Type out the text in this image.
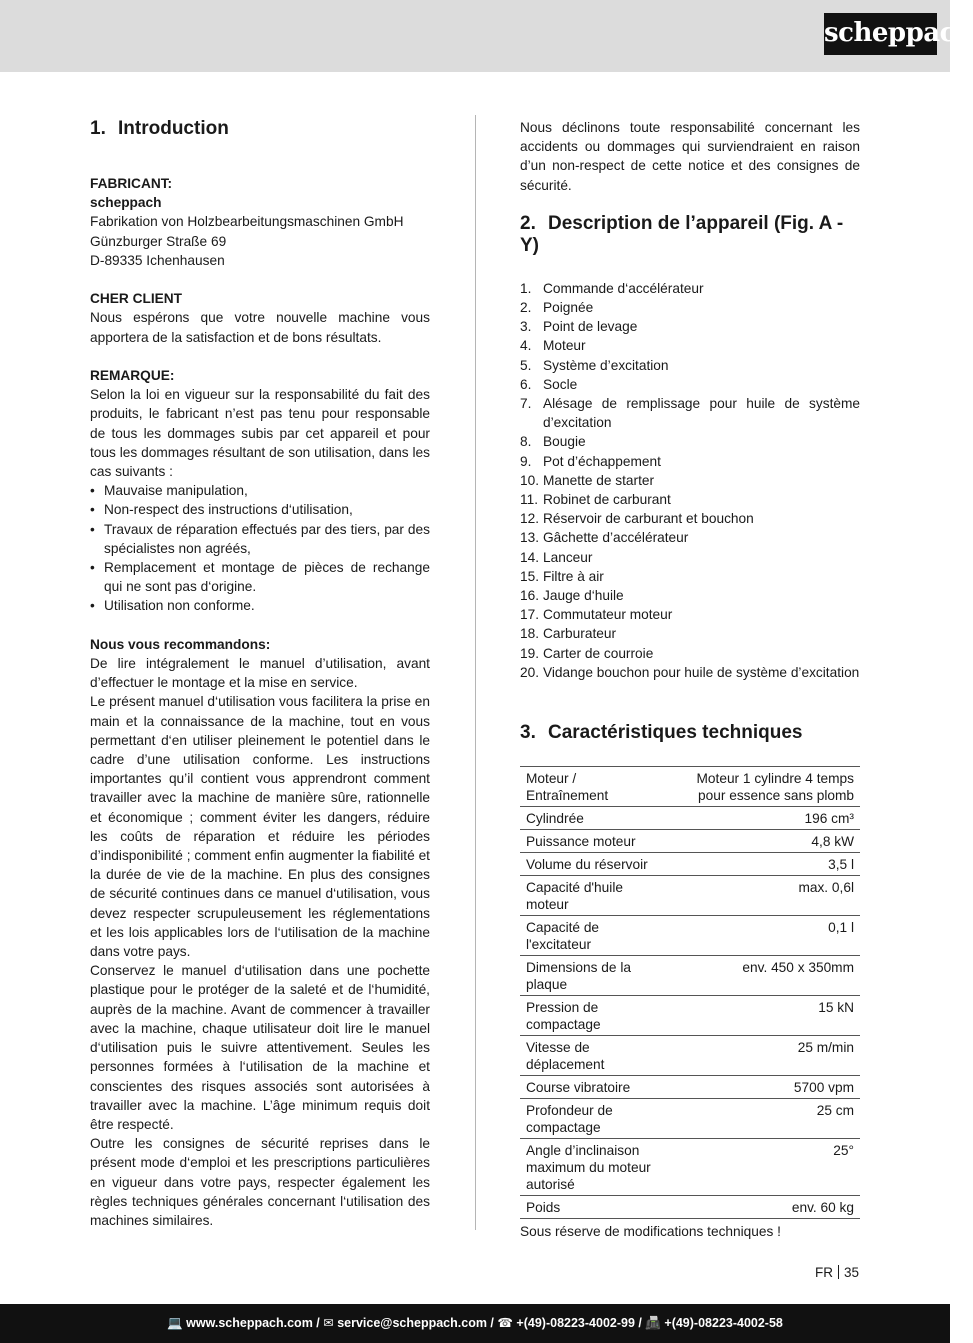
scheppach
1. Introduction

FABRICANT:

scheppach

Fabrikation von Holzbearbeitungsmaschinen GmbH

Günzburger Straße 69

D-89335 Ichenhausen

CHER CLIENT

Nous espérons que votre nouvelle machine vous apportera de la satisfaction et de bons résultats.

REMARQUE:

Selon la loi en vigueur sur la responsabilité du fait des produits, le fabricant n’est pas tenu pour responsable de tous les dommages subis par cet appareil et pour tous les dommages résultant de son utilisation, dans les cas suivants :

• Mauvaise manipulation,
• Non-respect des instructions d‘utilisation,
• Travaux de réparation effectués par des tiers, par des spécialistes non agréés,
• Remplacement et montage de pièces de rechange qui ne sont pas d‘origine.
• Utilisation non conforme.

Nous vous recommandons:

De lire intégralement le manuel d’utilisation, avant d’effectuer le montage et la mise en service.

Le présent manuel d‘utilisation vous facilitera la prise en main et la connaissance de la machine, tout en vous permettant d‘en utiliser pleinement le potentiel dans le cadre d’une utilisation conforme. Les instructions importantes qu’il contient vous apprendront comment travailler avec la machine de manière sûre, rationnelle et économique ; comment éviter les dangers, réduire les coûts de réparation et réduire les périodes d’indisponibilité ; comment enfin augmenter la fiabilité et la durée de vie de la machine. En plus des consignes de sécurité continues dans ce manuel d‘utilisation, vous devez respecter scrupuleusement les réglementations et les lois applicables lors de l‘utilisation de la machine dans votre pays.

Conservez le manuel d‘utilisation dans une pochette plastique pour le protéger de la saleté et de l‘humidité, auprès de la machine. Avant de commencer à travailler avec la machine, chaque utilisateur doit lire le manuel d‘utilisation puis le suivre attentivement. Seules les personnes formées à l‘utilisation de la machine et conscientes des risques associés sont autorisées à travailler avec la machine. L’âge minimum requis doit être respecté.

Outre les consignes de sécurité reprises dans le présent mode d‘emploi et les prescriptions particulières en vigueur dans votre pays, respecter également les règles techniques générales concernant l‘utilisation des machines similaires.

Nous déclinons toute responsabilité concernant les accidents ou dommages qui surviendraient en raison d’un non-respect de cette notice et des consignes de sécurité.

2. Description de l’appareil (Fig. A - Y)
1. Commande d‘accélérateur
2. Poignée
3. Point de levage
4. Moteur
5. Système d’excitation
6. Socle
7. Alésage de remplissage pour huile de système d’excitation
8. Bougie
9. Pot d’échappement
10. Manette de starter
11. Robinet de carburant
12. Réservoir de carburant et bouchon
13. Gâchette d’accélérateur
14. Lanceur
15. Filtre à air
16. Jauge d‘huile
17. Commutateur moteur
18. Carburateur
19. Carter de courroie
20. Vidange bouchon pour huile de système d’excitation
3. Caractéristiques techniques
Moteur / Entraînement	Moteur 1 cylindre 4 temps pour essence sans plomb
Cylindrée	196 cm³
Puissance moteur	4,8 kW
Volume du réservoir	3,5 l
Capacité d'huile moteur	max. 0,6l
Capacité de l'excitateur	0,1 l
Dimensions de la plaque	env. 450 x 350mm
Pression de compactage	15 kN
Vitesse de déplacement	25 m/min
Course vibratoire	5700 vpm
Profondeur de compactage	25 cm
Angle d’inclinaison maximum du moteur autorisé	25°
Poids	env. 60 kg

Sous réserve de modifications techniques !

FR 35
💻 www.scheppach.com / ✉ service@scheppach.com / ☎ +(49)-08223-4002-99 / 📠 +(49)-08223-4002-58
